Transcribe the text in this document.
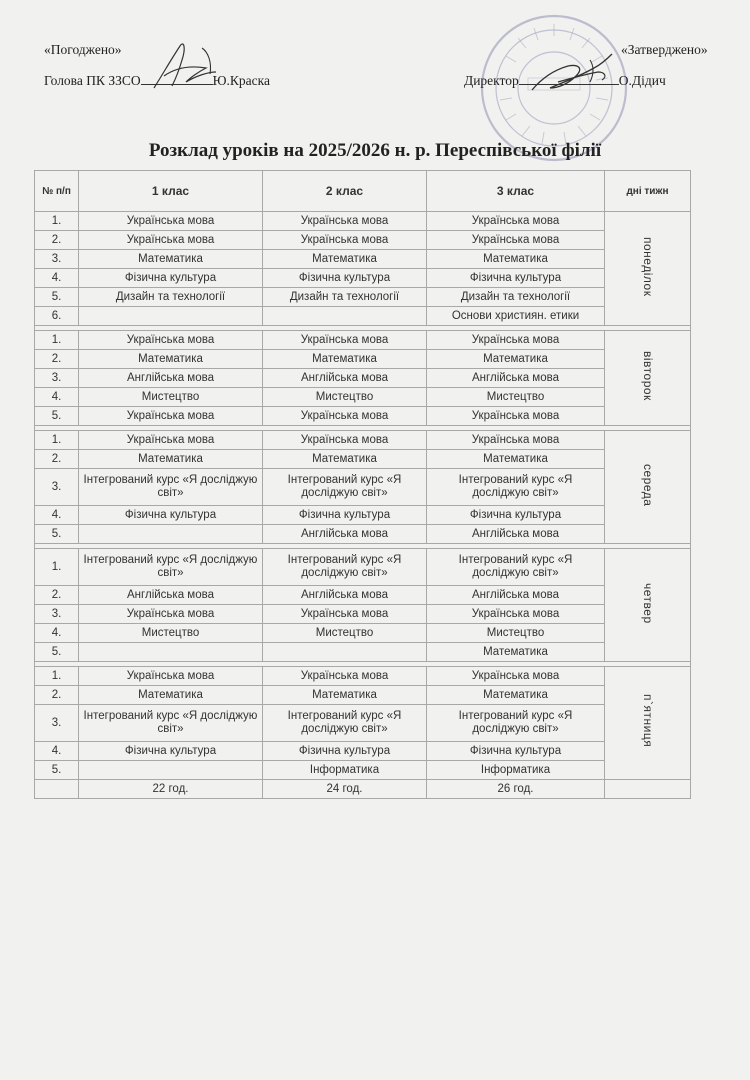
«Погоджено»
Голова ПК ЗЗСО	Ю.Краска
«Затверджено»
Директор	О.Дідич
Розклад уроків на 2025/2026 н. р. Переспівської філії
№ п/п	1 клас	2 клас	3 клас	дні тижн
1.	Українська мова	Українська мова	Українська мова	понеділок
2.	Українська мова	Українська мова	Українська мова	
3.	Математика	Математика	Математика	
4.	Фізична культура	Фізична культура	Фізична культура	
5.	Дизайн та технології	Дизайн та технології	Дизайн та технології	
6.			Основи християн. етики	

1.	Українська мова	Українська мова	Українська мова	вівторок
2.	Математика	Математика	Математика	
3.	Англійська мова	Англійська мова	Англійська мова	
4.	Мистецтво	Мистецтво	Мистецтво	
5.	Українська мова	Українська мова	Українська мова	

1.	Українська мова	Українська мова	Українська мова	середа
2.	Математика	Математика	Математика	
3.	Інтегрований курс «Я досліджую світ»	Інтегрований курс «Я досліджую світ»	Інтегрований курс «Я досліджую світ»	
4.	Фізична культура	Фізична культура	Фізична культура	
5.		Англійська мова	Англійська мова	

1.	Інтегрований курс «Я досліджую світ»	Інтегрований курс «Я досліджую світ»	Інтегрований курс «Я досліджую світ»	четвер
2.	Англійська мова	Англійська мова	Англійська мова	
3.	Українська мова	Українська мова	Українська мова	
4.	Мистецтво	Мистецтво	Мистецтво	
5.			Математика	

1.	Українська мова	Українська мова	Українська мова	п`ятниця
2.	Математика	Математика	Математика	
3.	Інтегрований курс «Я досліджую світ»	Інтегрований курс «Я досліджую світ»	Інтегрований курс «Я досліджую світ»	
4.	Фізична культура	Фізична культура	Фізична культура	
5.		Інформатика	Інформатика	
	22 год.	24 год.	26 год.	
